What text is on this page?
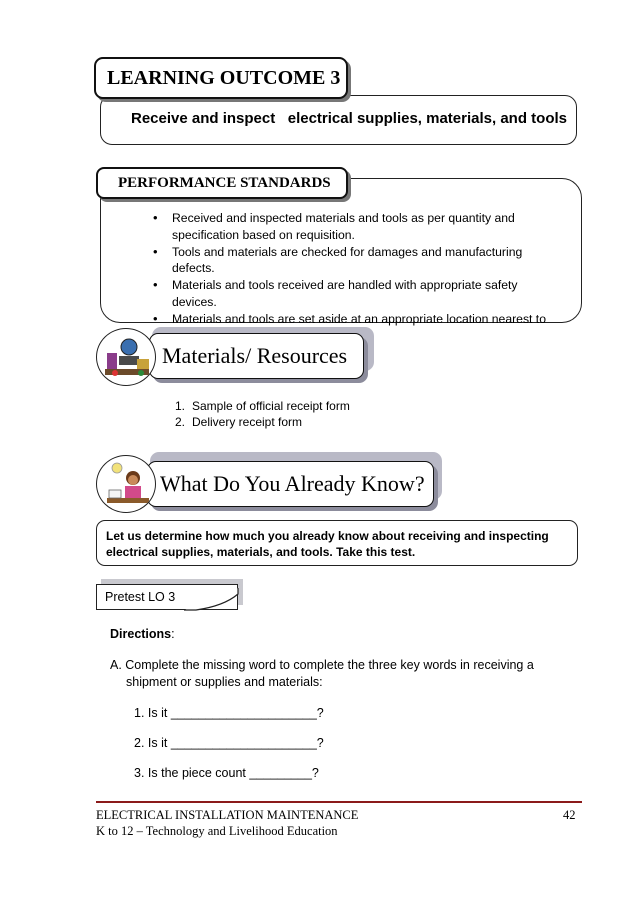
Receive and inspect   electrical supplies, materials, and tools
LEARNING OUTCOME 3
PERFORMANCE STANDARDS
• Received and inspected materials and tools as per quantity and specification based on requisition.
• Tools and materials are checked for damages and manufacturing defects.
• Materials and tools received are handled with appropriate safety devices.
• Materials and tools are set aside at an appropriate location nearest to
Materials/ Resources
1. Sample of official receipt form
2. Delivery receipt form
What Do You Already Know?
Let us determine how much you already know about receiving and inspecting electrical supplies, materials, and tools. Take this test.
Pretest LO 3
Directions:
A. Complete the missing word to complete the three key words in receiving a shipment or supplies and materials:
1. Is it _____________________?
2. Is it _____________________?
3. Is the piece count _________?
ELECTRICAL INSTALLATION MAINTENANCE
K to 12 – Technology and Livelihood Education
42
